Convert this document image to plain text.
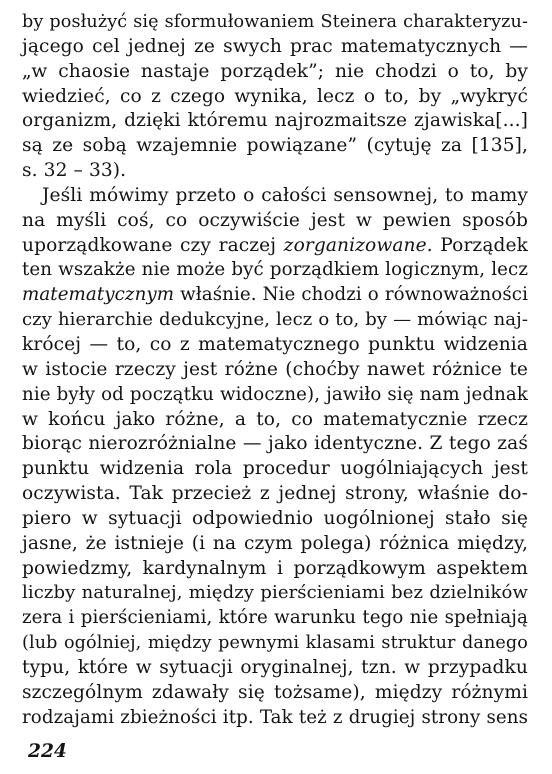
by posłużyć się sformułowaniem Steinera charakteryzu-
jącego cel jednej ze swych prac matematycznych —
„w chaosie nastaje porządek”; nie chodzi o to, by
wiedzieć, co z czego wynika, lecz o to, by „wykryć
organizm, dzięki któremu najrozmaitsze zjawiska[...]
są ze sobą wzajemnie powiązane” (cytuję za [135],
s. 32 – 33).
Jeśli mówimy przeto o całości sensownej, to mamy
na myśli coś, co oczywiście jest w pewien sposób
uporządkowane czy raczej zorganizowane. Porządek
ten wszakże nie może być porządkiem logicznym, lecz
matematycznym właśnie. Nie chodzi o równoważności
czy hierarchie dedukcyjne, lecz o to, by — mówiąc naj-
krócej — to, co z matematycznego punktu widzenia
w istocie rzeczy jest różne (choćby nawet różnice te
nie były od początku widoczne), jawiło się nam jednak
w końcu jako różne, a to, co matematycznie rzecz
biorąc nierozróżnialne — jako identyczne. Z tego zaś
punktu widzenia rola procedur uogólniających jest
oczywista. Tak przecież z jednej strony, właśnie do-
piero w sytuacji odpowiednio uogólnionej stało się
jasne, że istnieje (i na czym polega) różnica między,
powiedzmy, kardynalnym i porządkowym aspektem
liczby naturalnej, między pierścieniami bez dzielników
zera i pierścieniami, które warunku tego nie spełniają
(lub ogólniej, między pewnymi klasami struktur danego
typu, które w sytuacji oryginalnej, tzn. w przypadku
szczególnym zdawały się tożsame), między różnymi
rodzajami zbieżności itp. Tak też z drugiej strony sens
224
